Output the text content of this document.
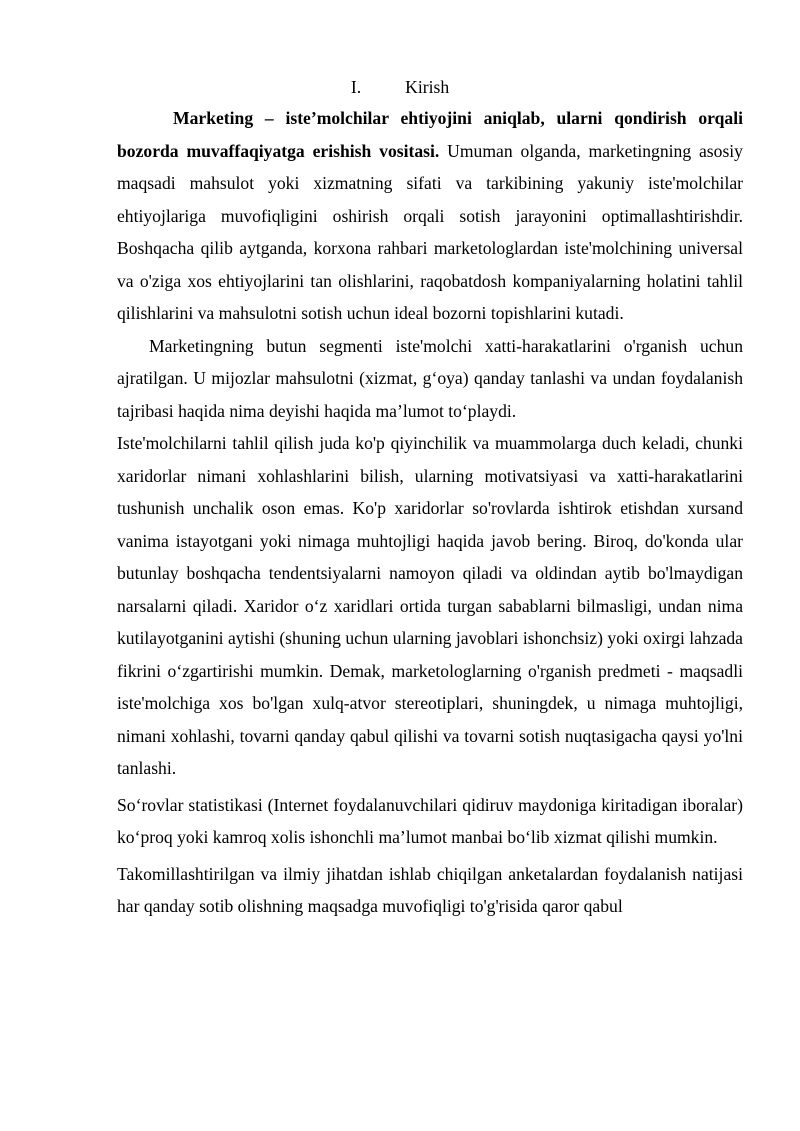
I.	Kirish

Marketing – iste’molchilar ehtiyojini aniqlab, ularni qondirish orqali bozorda muvaffaqiyatga erishish vositasi. Umuman olganda, marketingning asosiy maqsadi mahsulot yoki xizmatning sifati va tarkibining yakuniy iste'molchilar ehtiyojlariga muvofiqligini oshirish orqali sotish jarayonini optimallashtirishdir. Boshqacha qilib aytganda, korxona rahbari marketologlardan iste'molchining universal va o'ziga xos ehtiyojlarini tan olishlarini, raqobatdosh kompaniyalarning holatini tahlil qilishlarini va mahsulotni sotish uchun ideal bozorni topishlarini kutadi.

Marketingning butun segmenti iste'molchi xatti-harakatlarini o'rganish uchun ajratilgan. U mijozlar mahsulotni (xizmat, g‘oya) qanday tanlashi va undan foydalanish tajribasi haqida nima deyishi haqida ma’lumot to‘playdi.

Iste'molchilarni tahlil qilish juda ko'p qiyinchilik va muammolarga duch keladi, chunki xaridorlar nimani xohlashlarini bilish, ularning motivatsiyasi va xatti-harakatlarini tushunish unchalik oson emas. Ko'p xaridorlar so'rovlarda ishtirok etishdan xursand vanima istayotgani yoki nimaga muhtojligi haqida javob bering. Biroq, do'konda ular butunlay boshqacha tendentsiyalarni namoyon qiladi va oldindan aytib bo'lmaydigan narsalarni qiladi. Xaridor o‘z xaridlari ortida turgan sabablarni bilmasligi, undan nima kutilayotganini aytishi (shuning uchun ularning javoblari ishonchsiz) yoki oxirgi lahzada fikrini o‘zgartirishi mumkin. Demak, marketologlarning o'rganish predmeti - maqsadli iste'molchiga xos bo'lgan xulq-atvor stereotiplari, shuningdek, u nimaga muhtojligi, nimani xohlashi, tovarni qanday qabul qilishi va tovarni sotish nuqtasigacha qaysi yo'lni tanlashi.

So‘rovlar statistikasi (Internet foydalanuvchilari qidiruv maydoniga kiritadigan iboralar) ko‘proq yoki kamroq xolis ishonchli ma’lumot manbai bo‘lib xizmat qilishi mumkin.

Takomillashtirilgan va ilmiy jihatdan ishlab chiqilgan anketalardan foydalanish natijasi har qanday sotib olishning maqsadga muvofiqligi to'g'risida qaror qabul
